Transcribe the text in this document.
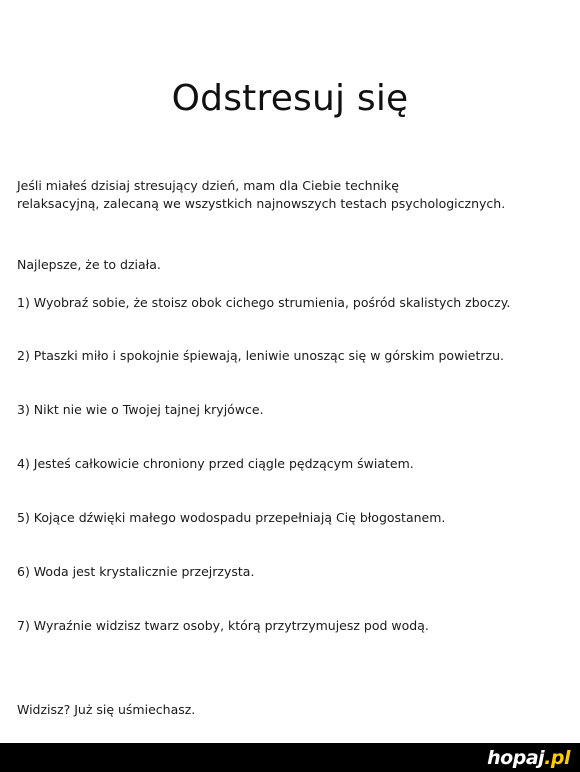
Odstresuj się
Jeśli miałeś dzisiaj stresujący dzień, mam dla Ciebie technikę
relaksacyjną, zalecaną we wszystkich najnowszych testach psychologicznych.
Najlepsze, że to działa.
1) Wyobraź sobie, że stoisz obok cichego strumienia, pośród skalistych zboczy.
2) Ptaszki miło i spokojnie śpiewają, leniwie unosząc się w górskim powietrzu.
3) Nikt nie wie o Twojej tajnej kryjówce.
4) Jesteś całkowicie chroniony przed ciągle pędzącym światem.
5) Kojące dźwięki małego wodospadu przepełniają Cię błogostanem.
6) Woda jest krystalicznie przejrzysta.
7) Wyraźnie widzisz twarz osoby, którą przytrzymujesz pod wodą.
Widzisz? Już się uśmiechasz.
hopaj.pl
